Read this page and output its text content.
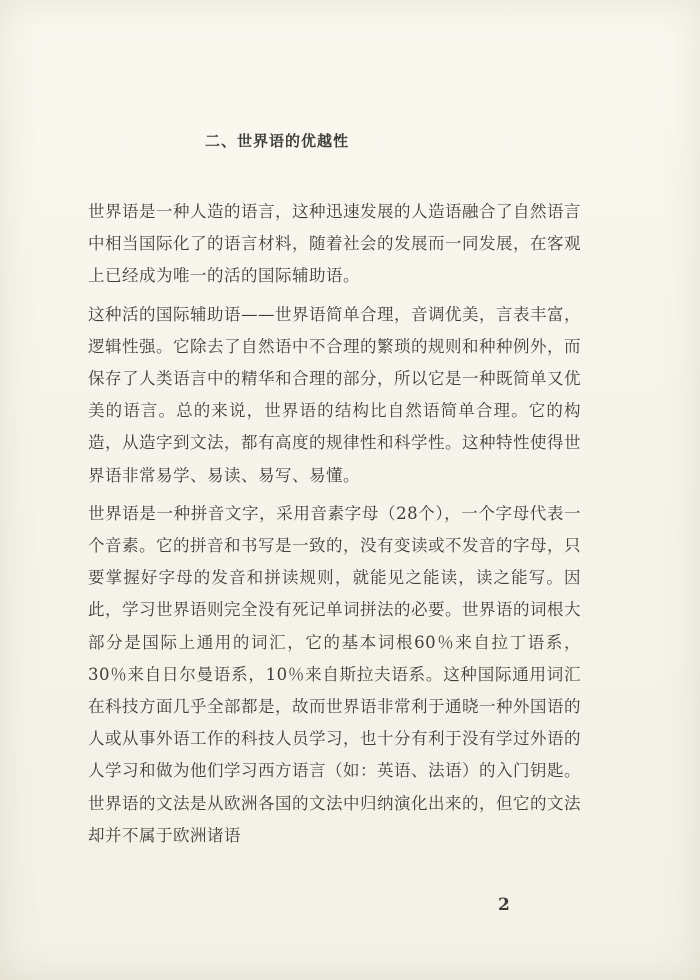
二、世界语的优越性

世界语是一种人造的语言，这种迅速发展的人造语融合了自然语言中相当国际化了的语言材料，随着社会的发展而一同发展，在客观上已经成为唯一的活的国际辅助语。

这种活的国际辅助语——世界语简单合理，音调优美，言表丰富，逻辑性强。它除去了自然语中不合理的繁琐的规则和种种例外，而保存了人类语言中的精华和合理的部分，所以它是一种既简单又优美的语言。总的来说，世界语的结构比自然语简单合理。它的构造，从造字到文法，都有高度的规律性和科学性。这种特性使得世界语非常易学、易读、易写、易懂。

世界语是一种拼音文字，采用音素字母（28个），一个字母代表一个音素。它的拼音和书写是一致的，没有变读或不发音的字母，只要掌握好字母的发音和拼读规则，就能见之能读，读之能写。因此，学习世界语则完全没有死记单词拼法的必要。世界语的词根大部分是国际上通用的词汇，它的基本词根60％来自拉丁语系，30％来自日尔曼语系，10％来自斯拉夫语系。这种国际通用词汇在科技方面几乎全部都是，故而世界语非常利于通晓一种外国语的人或从事外语工作的科技人员学习，也十分有利于没有学过外语的人学习和做为他们学习西方语言（如：英语、法语）的入门钥匙。世界语的文法是从欧洲各国的文法中归纳演化出来的，但它的文法却并不属于欧洲诸语

2
